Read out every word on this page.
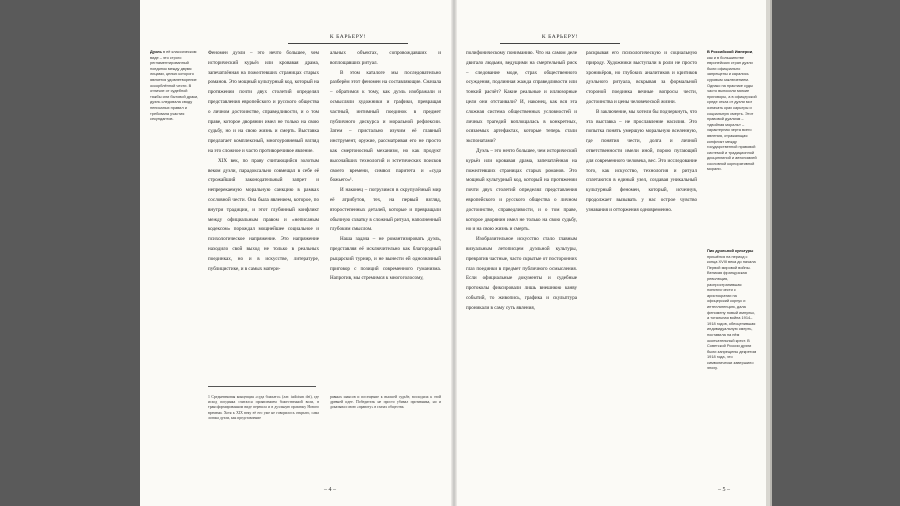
К БАРЬЕРУ!
Дуэль в её классическом виде – это строго регламентированный поединок между двумя лицами, целью которого является удовлетворение оскорблённой чести. В отличие от судебной тяжбы или бытовой драки, дуэль следовала своду неписаных правил и требовала участия секундантов.

Феномен дуэли – это нечто большее, чем исторический курьёз или кровавая драма, запечатлённая на пожелтевших страницах старых романов. Это мощный культурный код, который на протяжении почти двух столетий определял представления европейского и русского общества о личном достоинстве, справедливости, и о том праве, которое дворянин имел не только на свою судьбу, но и на свою жизнь и смерть. Выставка предлагает комплексный, многоуровневый взгляд на это сложное и часто противоречивое явление.

XIX век, по праву считающийся золотым веком дуэли, парадоксально совмещал в себе её строжайший законодательный запрет и непререкаемую моральную санкцию в рамках сословной чести. Она была явлением, которое, по внутри традиции, и этот глубинный конфликт между официальным правом и «неписаным кодексом» порождал мощнейшее социальное и психологическое напряжение. Это напряжение находило свой выход не только в реальных поединках, но и в искусстве, литературе, публицистике, и в самых матери-

альных объектах, сопровождавших и воплощавших ритуал.

В этом каталоге мы последовательно разберём этот феномен на составляющие. Сначала – обратимся к тому, как дуэль изображали и осмысляли художники и графики, превращая частный, интимный поединок в предмет публичного дискурса и моральной рефлексии. Затем – пристально изучим её главный инструмент, оружие, рассматривая его не просто как смертоносный механизм, но как продукт высочайших технологий и эстетических поисков своего времени, символ паритета и «суда божьего»¹.

И наконец – погрузимся в скрупулёзный мир её атрибутов, тех, на первый взгляд, второстепенных деталей, которые и превращали обычную схватку в сложный ритуал, наполненный глубоким смыслом.

Наша задача – не романтизировать дуэль, представляя её исключительно как благородный рыцарский турнир, и не вынести ей однозначный приговор с позиций современного гуманизма. Напротив, мы стремимся к многоголосому,

1 Средневековая концепция «суда божьего» (лат. iudicium dei), где исход поединка считался проявлением божественной воли, в трансформированном виде перешла и в дуэльную практику Нового времени. Хотя к XIX веку её его уже не говорилось открыто, сама логика дуэли, как представление
равных шансов и посещение к высшей судьбе, восходила к этой древней идее. Победитель не просто убивал противника, но и доказывал свою «правоту» в глазах общества.
– 4 –
К БАРЬЕРУ!

полифоническому пониманию. Что на самом деле двигало людьми, ведущими на смертельный риск – следование моде, страх общественного осуждения, подлинная жажда справедливости или тонкий расчёт? Какие реальные и иллюзорные цели они отстаивали? И, наконец, как вся эта сложная система общественных условностей и личных трагедий воплощалась в конкретных, осязаемых артефактах, которые теперь стали экспонатами?

Дуэль – это нечто большее, чем исторический курьёз или кровавая драма, запечатлённая на пожелтевших страницах старых романов. Это мощный культурный код, который на протяжении почти двух столетий определял представления европейского и русского общества о личном достоинстве, справедливости, и о том праве, которое дворянин имел не только на свою судьбу, но и на свою жизнь и смерть.

Изобразительное искусство стало главным визуальным летописцем дуэльной культуры, превратив частные, часто скрытые от посторонних глаз поединки в предмет публичного осмысления. Если официальные документы и судебные протоколы фиксировали лишь внешнюю канву событий, то живопись, графика и скульптура проникали в саму суть явления,

раскрывая его психологическую и социальную природу. Художники выступали в роли не просто хроникёров, но глубоких аналитиков и критиков дуэльного ритуала, вскрывая за формальной стороной поединка вечные вопросы чести, достоинства и цены человеческой жизни.

В заключение, мы хотели бы подчеркнуть, что эта выставка – не прославление насилия. Это попытка понять умершую моральную вселенную, где понятия чести, долга и личной ответственности имели иной, порою пугающий для современного человека, вес. Это исследование того, как искусство, технология и ритуал сплетаются в единый узел, создавая уникальный культурный феномен, который, исчезнув, продолжает вызывать у нас острое чувство узнавания и отторжения одновременно.

В Российской Империи, как и в большинстве европейских стран дуэли были официально запрещены и карались суровым заключением. Однако на практике суды часто выносили мягкие приговоры, а в офицерской среде отказ от дуэли мог означать крах карьеры и социальную смерть. Этот правовой дуализм – «двойная мораль» – характерная черта всего явления, отражающая конфликт между государственной правовой системой и традиционной дисциплиной и автономией сословной корпоративной морали.
Пик дуэльной культуры пришёлся на период с конца XVIII века до начала Первой мировой войны. Великая французская революция, распространившая понятия чести с аристократии на офицерский корпус и интеллигенцию, дала феномену новый импульс, а тотальная война 1914–1918 годов, обесценившая индивидуальную смерть, поставила на нём окончательный крест. В Советской России дуэли были запрещены декретом 1918 года, что символически завершило эпоху.
– 5 –
